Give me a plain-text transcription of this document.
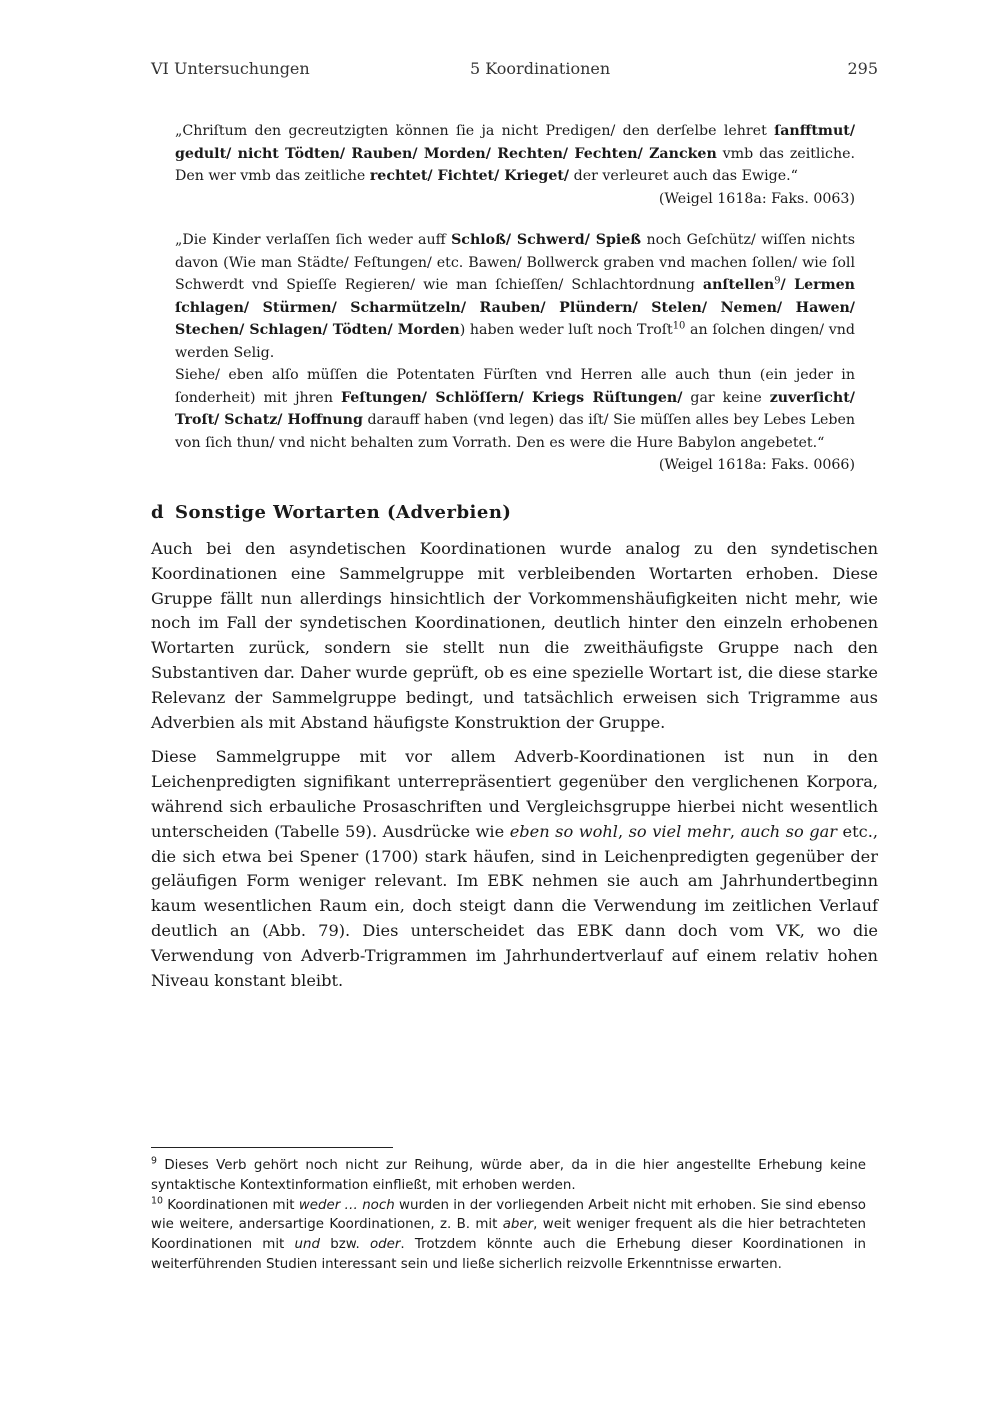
VI Untersuchungen	5 Koordinationen	295

„Chriſtum den gecreutzigten können ſie ja nicht Predigen/ den derſelbe lehret ſanfftmut/ gedult/ nicht Tödten/ Rauben/ Morden/ Rechten/ Fechten/ Zancken vmb das zeitliche. Den wer vmb das zeitliche rechtet/ Fichtet/ Krieget/ der verleuret auch das Ewige.“

(Weigel 1618a: Faks. 0063)

„Die Kinder verlaſſen ſich weder auff Schloß/ Schwerd/ Spieß noch Geſchütz/ wiſſen nichts davon (Wie man Städte/ Feſtungen/ etc. Bawen/ Bollwerck graben vnd machen ſollen/ wie ſoll Schwerdt vnd Spieſſe Regieren/ wie man ſchieſſen/ Schlachtordnung anſtellen$^9$/ Lermen ſchlagen/ Stürmen/ Scharmützeln/ Rauben/ Plündern/ Stelen/ Nemen/ Hawen/ Stechen/ Schlagen/ Tödten/ Morden) haben weder luſt noch Troſt$^{10}$ an ſolchen dingen/ vnd werden Selig.

Siehe/ eben alſo müſſen die Potentaten Fürſten vnd Herren alle auch thun (ein jeder in ſonderheit) mit jhren Feſtungen/ Schlöſſern/ Kriegs Rüſtungen/ gar keine zuverſicht/ Troſt/ Schatz/ Hoffnung darauff haben (vnd legen) das iſt/ Sie müſſen alles bey Lebes Leben von ſich thun/ vnd nicht behalten zum Vorrath. Den es were die Hure Babylon angebetet.“

(Weigel 1618a: Faks. 0066)

d Sonstige Wortarten (Adverbien)

Auch bei den asyndetischen Koordinationen wurde analog zu den syndetischen Koordinationen eine Sammelgruppe mit verbleibenden Wortarten erhoben. Diese Gruppe fällt nun allerdings hinsichtlich der Vorkommenshäufigkeiten nicht mehr, wie noch im Fall der syndetischen Koordinationen, deutlich hinter den einzeln erhobenen Wortarten zurück, sondern sie stellt nun die zweithäufigste Gruppe nach den Substantiven dar. Daher wurde geprüft, ob es eine spezielle Wortart ist, die diese starke Relevanz der Sammelgruppe bedingt, und tatsächlich erweisen sich Trigramme aus Adverbien als mit Abstand häufigste Konstruktion der Gruppe.

Diese Sammelgruppe mit vor allem Adverb-Koordinationen ist nun in den Leichenpredigten signifikant unterrepräsentiert gegenüber den verglichenen Korpora, während sich erbauliche Prosaschriften und Vergleichsgruppe hierbei nicht wesentlich unterscheiden (Tabelle 59). Ausdrücke wie eben so wohl, so viel mehr, auch so gar etc., die sich etwa bei Spener (1700) stark häufen, sind in Leichenpredigten gegenüber der geläufigen Form weniger relevant. Im EBK nehmen sie auch am Jahrhundertbeginn kaum wesentlichen Raum ein, doch steigt dann die Verwendung im zeitlichen Verlauf deutlich an (Abb. 79). Dies unterscheidet das EBK dann doch vom VK, wo die Verwendung von Adverb-Trigrammen im Jahrhundertverlauf auf einem relativ hohen Niveau konstant bleibt.

$^9$ Dieses Verb gehört noch nicht zur Reihung, würde aber, da in die hier angestellte Erhebung keine syntaktische Kontextinformation einfließt, mit erhoben werden.

$^{10}$ Koordinationen mit weder … noch wurden in der vorliegenden Arbeit nicht mit erhoben. Sie sind ebenso wie weitere, andersartige Koordinationen, z. B. mit aber, weit weniger frequent als die hier betrachteten Koordinationen mit und bzw. oder. Trotzdem könnte auch die Erhebung dieser Koordinationen in weiterführenden Studien interessant sein und ließe sicherlich reizvolle Erkenntnisse erwarten.
